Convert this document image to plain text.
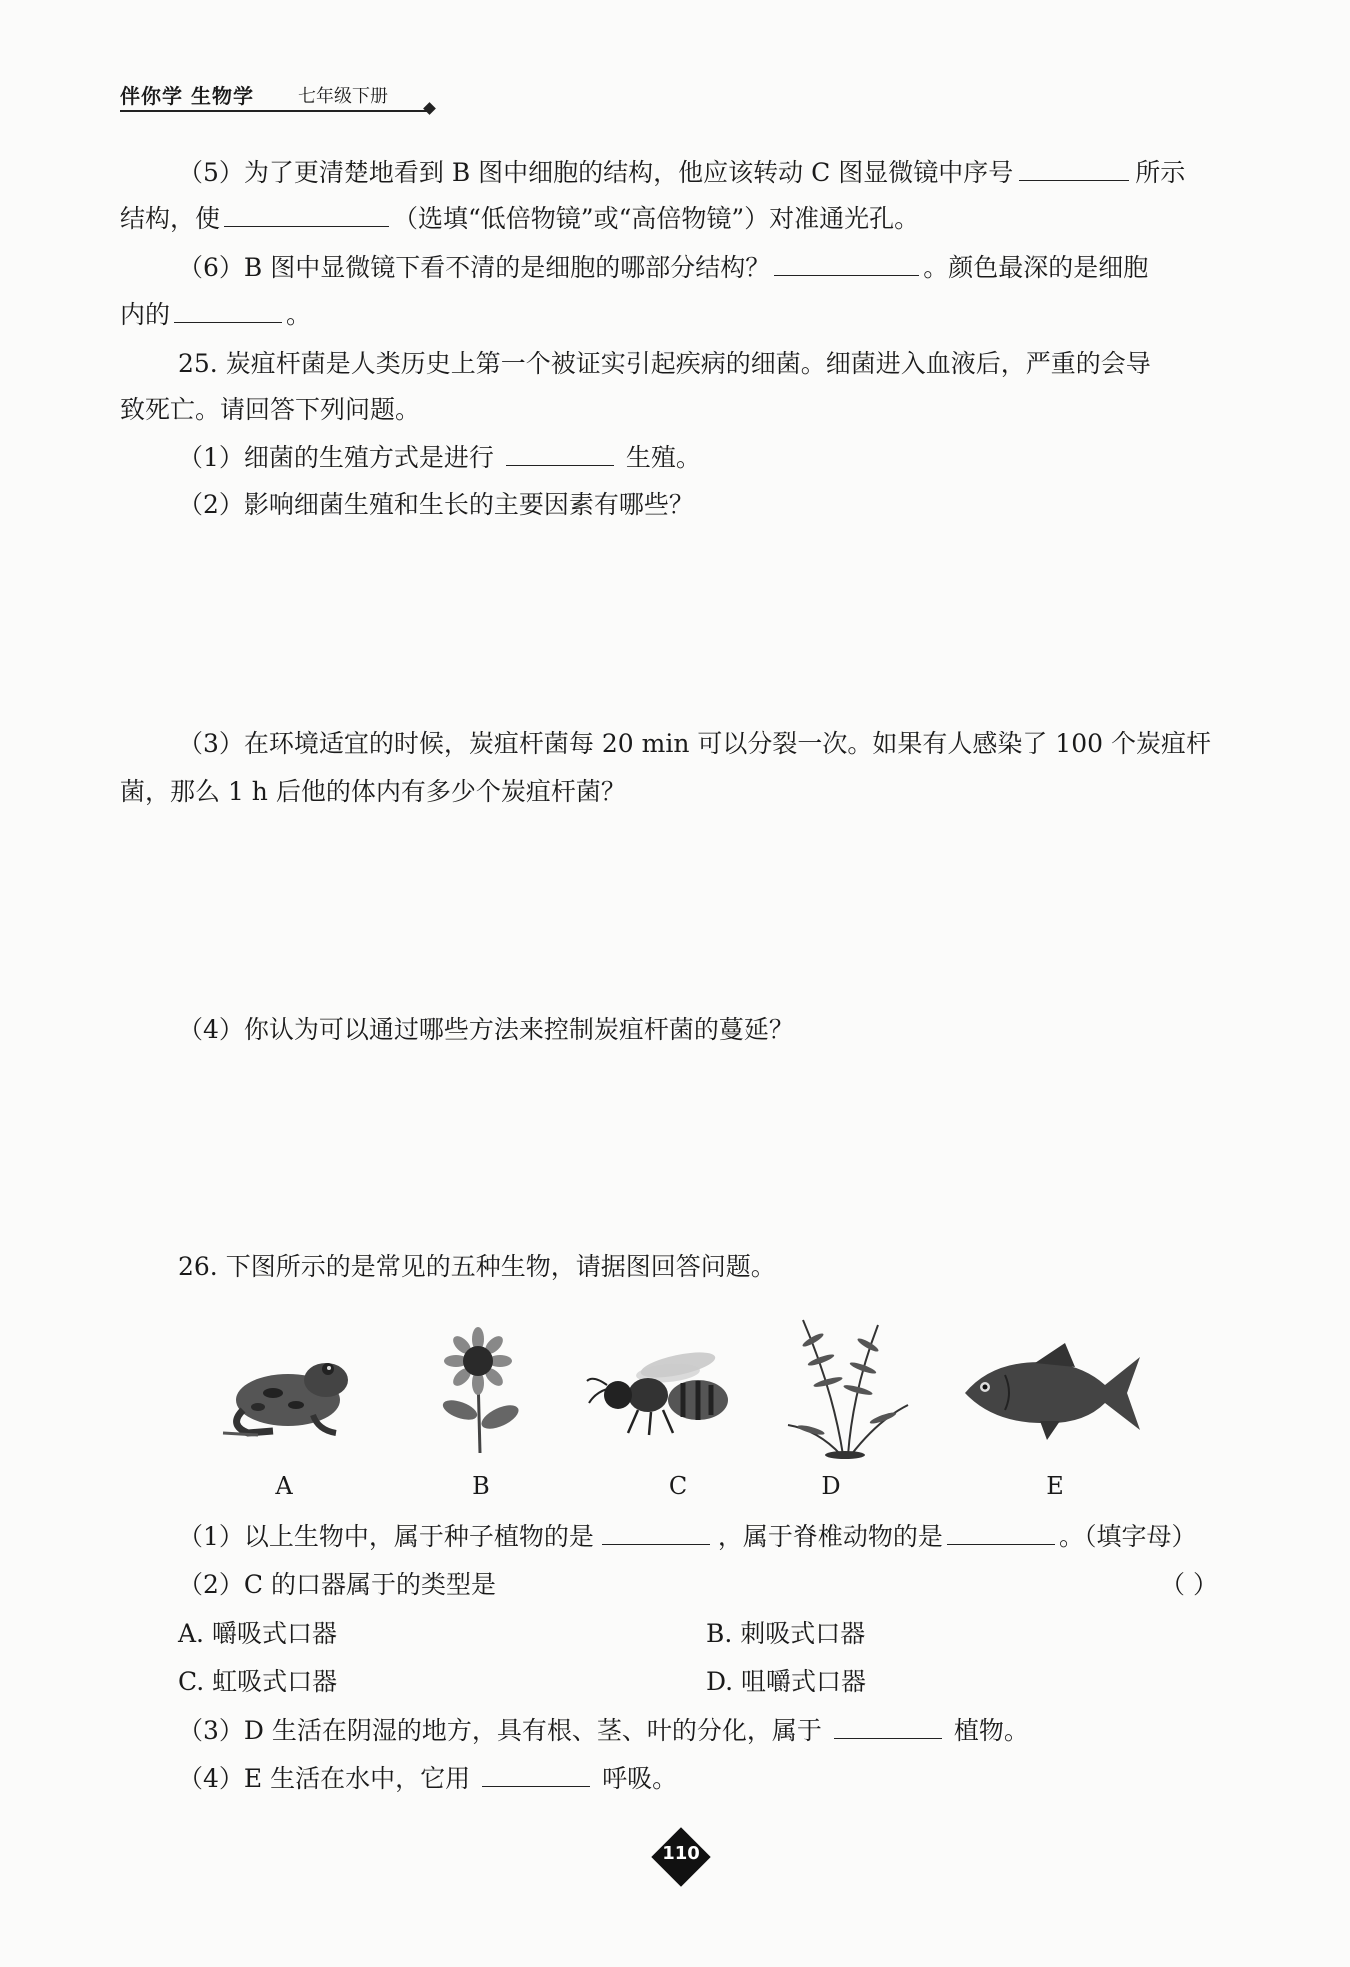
伴你学 生物学 七年级下册
（5）为了更清楚地看到 B 图中细胞的结构，他应该转动 C 图显微镜中序号	所示
结构，使	（选填“低倍物镜”或“高倍物镜”）对准通光孔。
（6）B 图中显微镜下看不清的是细胞的哪部分结构？	。颜色最深的是细胞
内的	。
25. 炭疽杆菌是人类历史上第一个被证实引起疾病的细菌。细菌进入血液后，严重的会导
致死亡。请回答下列问题。
（1）细菌的生殖方式是进行	生殖。
（2）影响细菌生殖和生长的主要因素有哪些？
（3）在环境适宜的时候，炭疽杆菌每 20 min 可以分裂一次。如果有人感染了 100 个炭疽杆
菌，那么 1 h 后他的体内有多少个炭疽杆菌？
（4）你认为可以通过哪些方法来控制炭疽杆菌的蔓延？
26. 下图所示的是常见的五种生物，请据图回答问题。
A	B	C	D	E
（1）以上生物中，属于种子植物的是	，属于脊椎动物的是	。（填字母）
（2）C 的口器属于的类型是	（ ）
A. 嚼吸式口器	B. 刺吸式口器
C. 虹吸式口器	D. 咀嚼式口器
（3）D 生活在阴湿的地方，具有根、茎、叶的分化，属于	植物。
（4）E 生活在水中，它用	呼吸。
110
